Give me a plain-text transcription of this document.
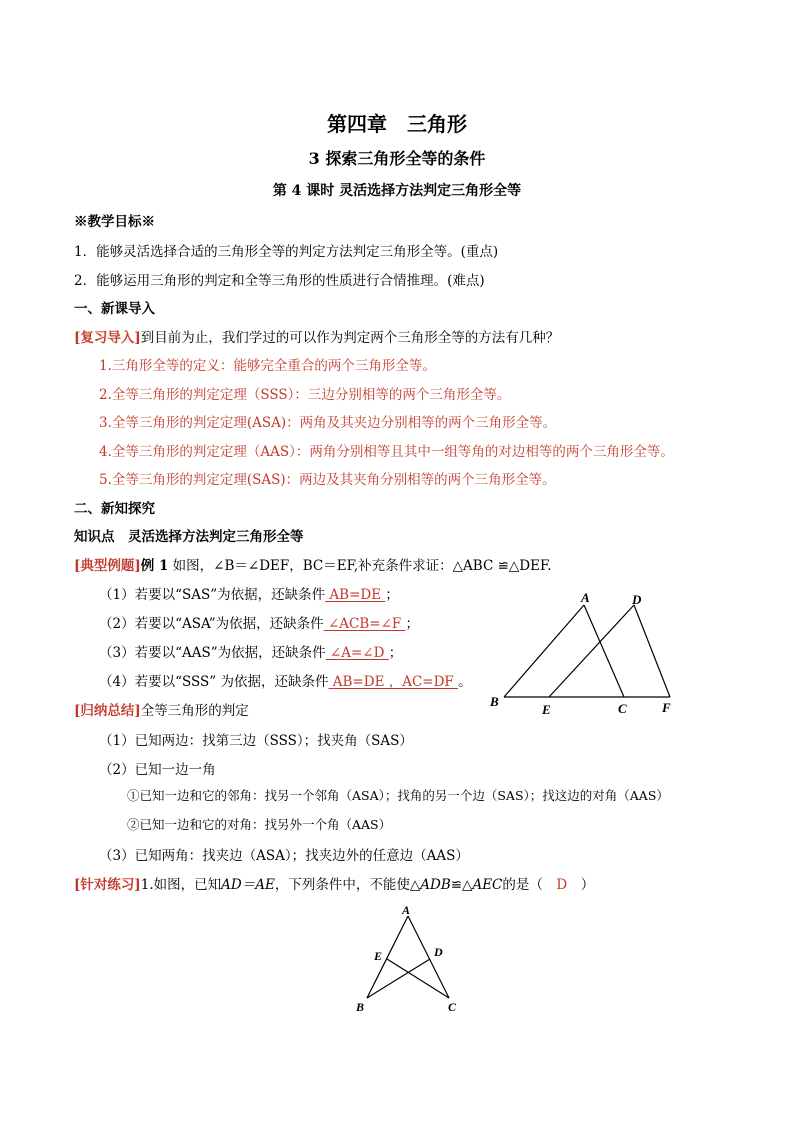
第四章　三角形
3 探索三角形全等的条件
第 4 课时 灵活选择方法判定三角形全等
※教学目标※
1．能够灵活选择合适的三角形全等的判定方法判定三角形全等。(重点)
2．能够运用三角形的判定和全等三角形的性质进行合情推理。(难点)
一、新课导入
[复习导入]到目前为止，我们学过的可以作为判定两个三角形全等的方法有几种？
1.三角形全等的定义：能够完全重合的两个三角形全等。
2.全等三角形的判定定理（SSS）：三边分别相等的两个三角形全等。
3.全等三角形的判定定理(ASA)：两角及其夹边分别相等的两个三角形全等。
4.全等三角形的判定定理（AAS）：两角分别相等且其中一组等角的对边相等的两个三角形全等。
5.全等三角形的判定定理(SAS)：两边及其夹角分别相等的两个三角形全等。
二、新知探究
知识点　灵活选择方法判定三角形全等
[典型例题]例 1 如图，∠B＝∠DEF，BC＝EF,补充条件求证：△ABC ≌△DEF.
（1）若要以“SAS”为依据，还缺条件 AB=DE ；
（2）若要以“ASA”为依据，还缺条件 ∠ACB=∠F ；
（3）若要以“AAS”为依据，还缺条件 ∠A=∠D ；
（4）若要以“SSS” 为依据，还缺条件 AB=DE ，AC=DF 。
A	D
B
E	C	F
[归纳总结]全等三角形的判定
（1）已知两边：找第三边（SSS）；找夹角（SAS）
（2）已知一边一角
①已知一边和它的邻角：找另一个邻角（ASA）；找角的另一个边（SAS）；找这边的对角（AAS）
②已知一边和它的对角：找另外一个角（AAS）
（3）已知两角：找夹边（ASA）；找夹边外的任意边（AAS）
[针对练习]1.如图，已知AD＝AE，下列条件中，不能使△ADB≌△AEC的是（　D　）
A
E	D
B	C
